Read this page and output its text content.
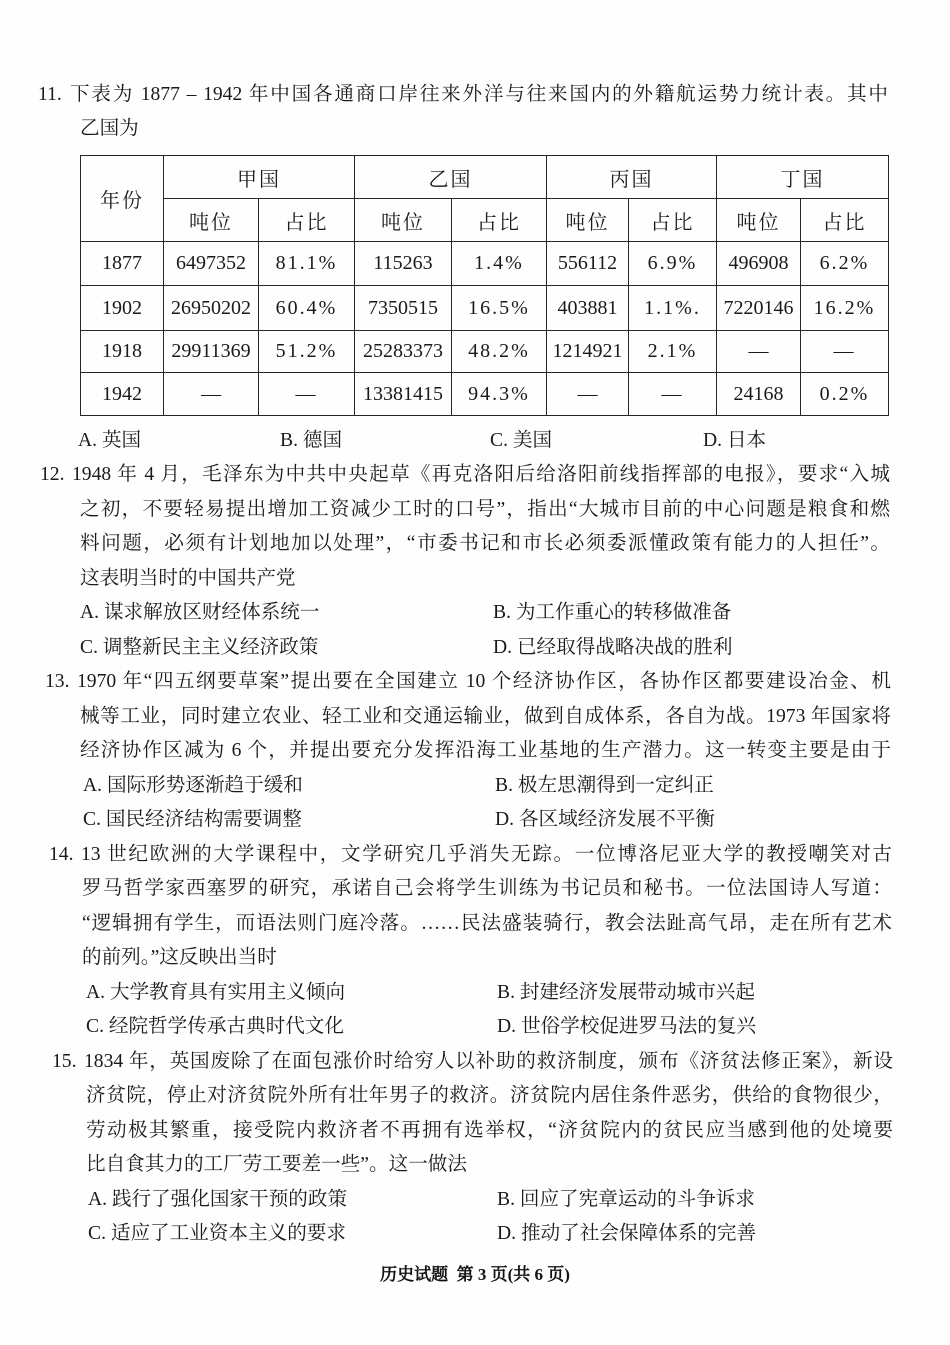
11. 下表为 1877 – 1942 年中国各通商口岸往来外洋与往来国内的外籍航运势力统计表。其中
乙国为
年份	甲国		乙国		丙国		丁国	
	吨位	占比	吨位	占比	吨位	占比	吨位	占比
1877	6497352	81.1%	115263	1.4%	556112	6.9%	496908	6.2%
1902	26950202	60.4%	7350515	16.5%	403881	1.1%.	7220146	16.2%
1918	29911369	51.2%	25283373	48.2%	1214921	2.1%	—	—
1942	—	—	13381415	94.3%	—	—	24168	0.2%
A. 英国	B. 德国	C. 美国	D. 日本
12. 1948 年 4 月，毛泽东为中共中央起草《再克洛阳后给洛阳前线指挥部的电报》，要求“入城
之初，不要轻易提出增加工资减少工时的口号”，指出“大城市目前的中心问题是粮食和燃
料问题，必须有计划地加以处理”，“市委书记和市长必须委派懂政策有能力的人担任”。
这表明当时的中国共产党
A. 谋求解放区财经体系统一	B. 为工作重心的转移做准备
C. 调整新民主主义经济政策	D. 已经取得战略决战的胜利
13. 1970 年“四五纲要草案”提出要在全国建立 10 个经济协作区，各协作区都要建设冶金、机
械等工业，同时建立农业、轻工业和交通运输业，做到自成体系，各自为战。1973 年国家将
经济协作区减为 6 个，并提出要充分发挥沿海工业基地的生产潜力。这一转变主要是由于
A. 国际形势逐渐趋于缓和	B. 极左思潮得到一定纠正
C. 国民经济结构需要调整	D. 各区域经济发展不平衡
14. 13 世纪欧洲的大学课程中，文学研究几乎消失无踪。一位博洛尼亚大学的教授嘲笑对古
罗马哲学家西塞罗的研究，承诺自己会将学生训练为书记员和秘书。一位法国诗人写道：
“逻辑拥有学生，而语法则门庭冷落。……民法盛装骑行，教会法趾高气昂，走在所有艺术
的前列。”这反映出当时
A. 大学教育具有实用主义倾向	B. 封建经济发展带动城市兴起
C. 经院哲学传承古典时代文化	D. 世俗学校促进罗马法的复兴
15. 1834 年，英国废除了在面包涨价时给穷人以补助的救济制度，颁布《济贫法修正案》，新设
济贫院，停止对济贫院外所有壮年男子的救济。济贫院内居住条件恶劣，供给的食物很少，
劳动极其繁重，接受院内救济者不再拥有选举权，“济贫院内的贫民应当感到他的处境要
比自食其力的工厂劳工要差一些”。这一做法
A. 践行了强化国家干预的政策	B. 回应了宪章运动的斗争诉求
C. 适应了工业资本主义的要求	D. 推动了社会保障体系的完善
历史试题  第 3 页(共 6 页)
